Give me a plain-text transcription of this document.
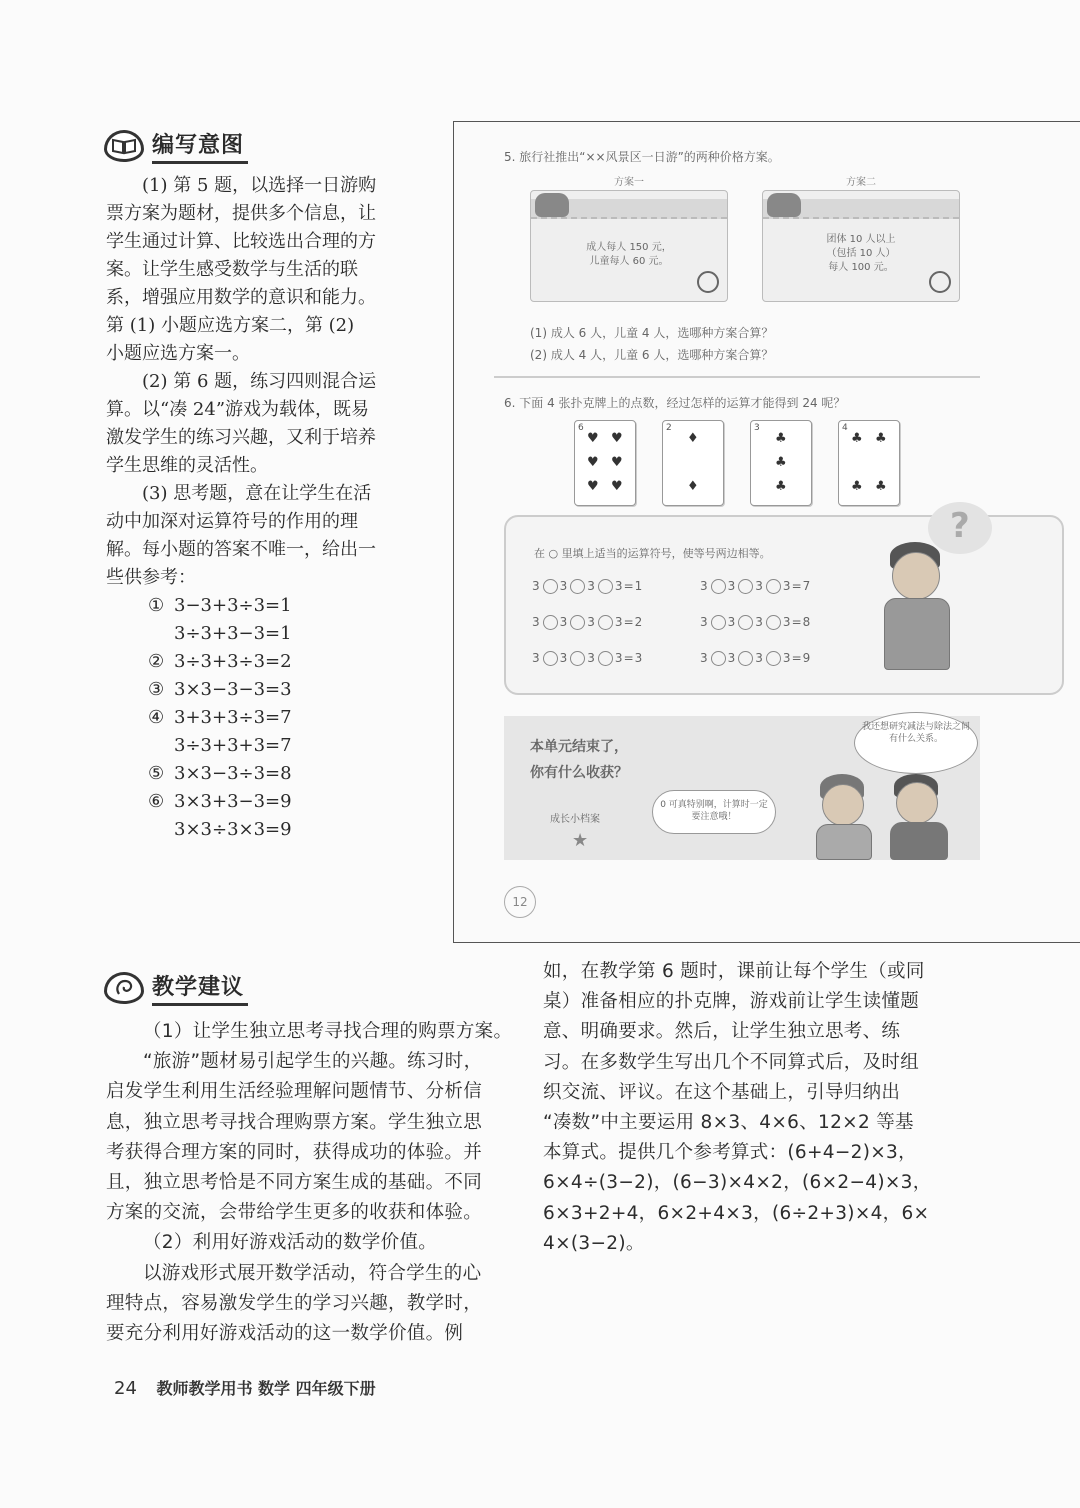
编写意图
(1) 第 5 题，以选择一日游购
票方案为题材，提供多个信息，让
学生通过计算、比较选出合理的方
案。让学生感受数学与生活的联
系，增强应用数学的意识和能力。
第 (1) 小题应选方案二，第 (2)
小题应选方案一。
(2) 第 6 题，练习四则混合运
算。以“凑 24”游戏为载体，既易
激发学生的练习兴趣，又利于培养
学生思维的灵活性。
(3) 思考题，意在让学生在活
动中加深对运算符号的作用的理
解。每小题的答案不唯一，给出一
些供参考：
① 3−3+3÷3=1
3÷3+3−3=1
② 3÷3+3÷3=2
③ 3×3−3−3=3
④ 3+3+3÷3=7
3÷3+3+3=7
⑤ 3×3−3÷3=8
⑥ 3×3+3−3=9
3×3÷3×3=9
5. 旅行社推出“××风景区一日游”的两种价格方案。
方案一
成人每人 150 元，
儿童每人 60 元。
方案二
团体 10 人以上
（包括 10 人）
每人 100 元。
(1) 成人 6 人，儿童 4 人，选哪种方案合算？
(2) 成人 4 人，儿童 6 人，选哪种方案合算？
6. 下面 4 张扑克牌上的点数，经过怎样的运算才能得到 24 呢？
6
♥ ♥
♥ ♥
♥ ♥
2
♦
♦
3
♣
♣
♣
4
♣ ♣
♣ ♣
在 ○ 里填上适当的运算符号，使等号两边相等。
3 3 3 3=1	3 3 3 3=7
3 3 3 3=2	3 3 3 3=8
3 3 3 3=3	3 3 3 3=9
?
本单元结束了，
你有什么收获？
成长小档案
★
0 可真特别啊，计算时一定要注意哦！
我还想研究减法与除法之间有什么关系。
12
教学建议
（1）让学生独立思考寻找合理的购票方案。
“旅游”题材易引起学生的兴趣。练习时，
启发学生利用生活经验理解问题情节、分析信
息，独立思考寻找合理购票方案。学生独立思
考获得合理方案的同时，获得成功的体验。并
且，独立思考恰是不同方案生成的基础。不同
方案的交流，会带给学生更多的收获和体验。
（2）利用好游戏活动的数学价值。
以游戏形式展开数学活动，符合学生的心
理特点，容易激发学生的学习兴趣，教学时，
要充分利用好游戏活动的这一数学价值。例
如，在教学第 6 题时，课前让每个学生（或同
桌）准备相应的扑克牌，游戏前让学生读懂题
意、明确要求。然后，让学生独立思考、练
习。在多数学生写出几个不同算式后，及时组
织交流、评议。在这个基础上，引导归纳出
“凑数”中主要运用 8×3、4×6、12×2 等基
本算式。提供几个参考算式：(6+4−2)×3，
6×4÷(3−2)，(6−3)×4×2，(6×2−4)×3，
6×3+2+4，6×2+4×3，(6÷2+3)×4，6×
4×(3−2)。
24 教师教学用书 数学 四年级下册
